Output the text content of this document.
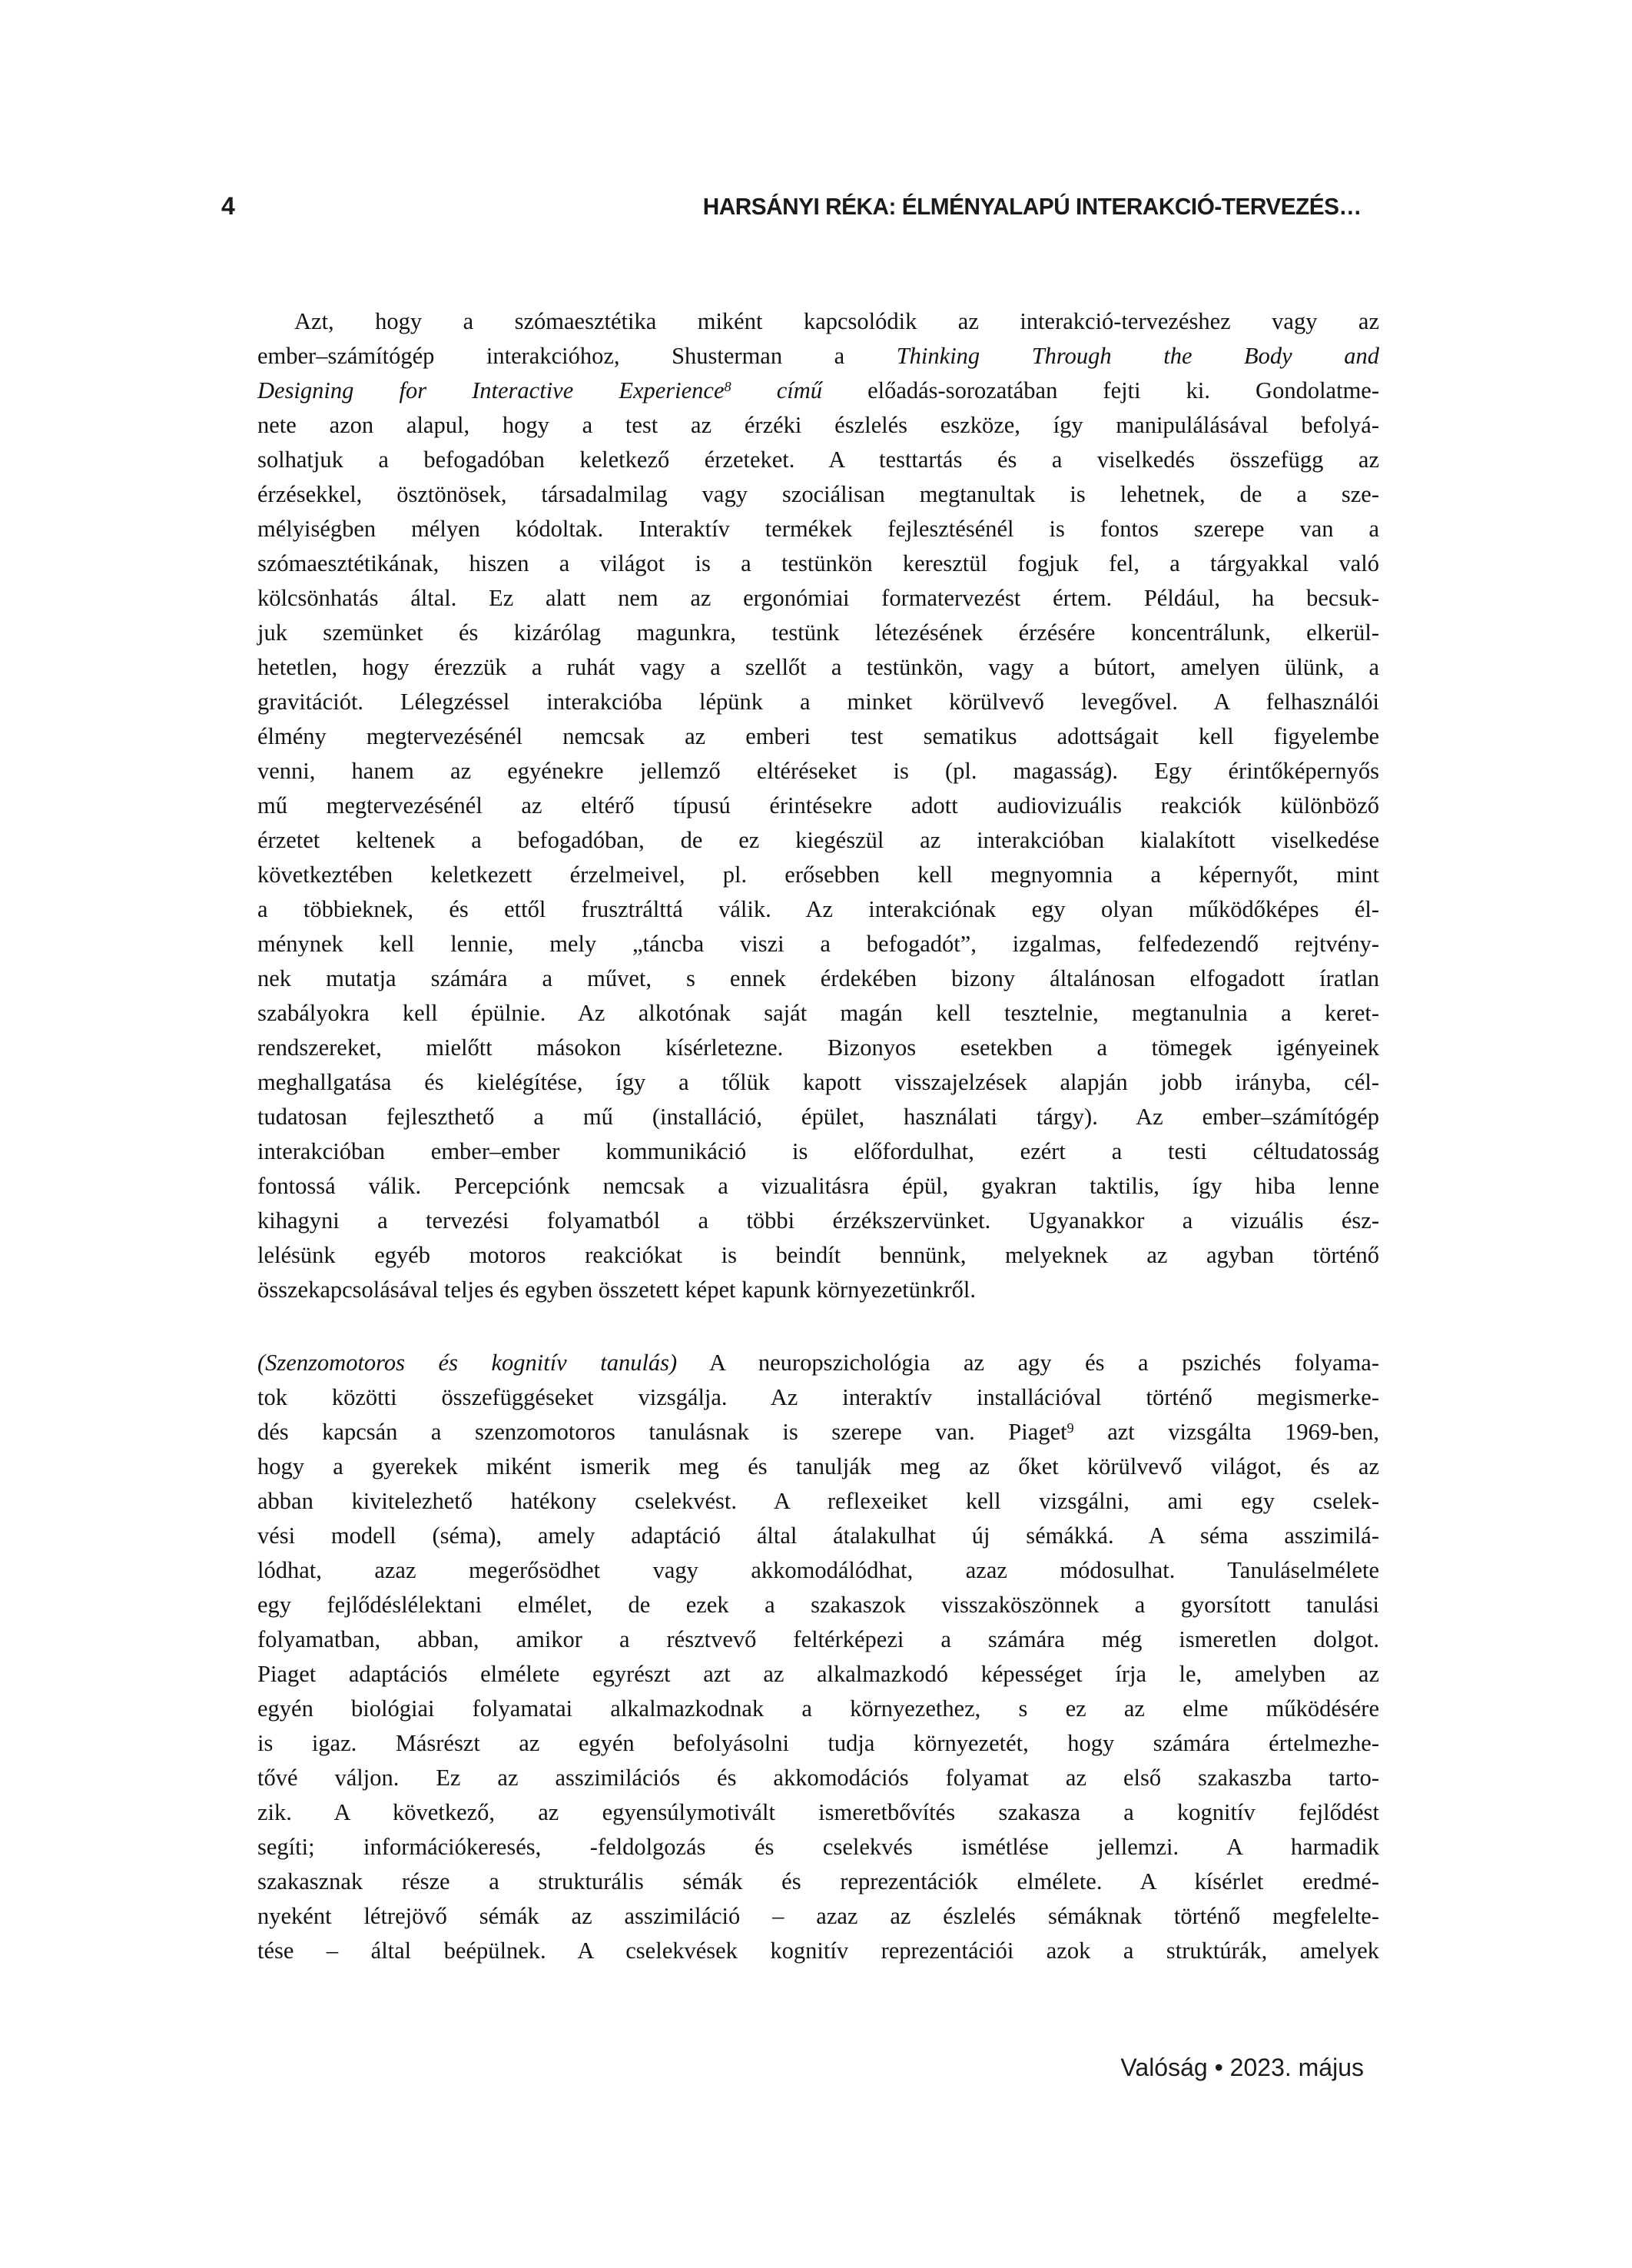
4	HARSÁNYI RÉKA: ÉLMÉNYALAPÚ INTERAKCIÓ-TERVEZÉS…
Azt, hogy a szómaesztétika miként kapcsolódik az interakció-tervezéshez vagy az
ember–számítógép interakcióhoz, Shusterman a Thinking Through the Body and
Designing for Interactive Experience$^8$ című előadás-sorozatában fejti ki. Gondolatme-
nete azon alapul, hogy a test az érzéki észlelés eszköze, így manipulálásával befolyá-
solhatjuk a befogadóban keletkező érzeteket. A testtartás és a viselkedés összefügg az
érzésekkel, ösztönösek, társadalmilag vagy szociálisan megtanultak is lehetnek, de a sze-
mélyiségben mélyen kódoltak. Interaktív termékek fejlesztésénél is fontos szerepe van a
szómaesztétikának, hiszen a világot is a testünkön keresztül fogjuk fel, a tárgyakkal való
kölcsönhatás által. Ez alatt nem az ergonómiai formatervezést értem. Például, ha becsuk-
juk szemünket és kizárólag magunkra, testünk létezésének érzésére koncentrálunk, elkerül-
hetetlen, hogy érezzük a ruhát vagy a szellőt a testünkön, vagy a bútort, amelyen ülünk, a
gravitációt. Lélegzéssel interakcióba lépünk a minket körülvevő levegővel. A felhasználói
élmény megtervezésénél nemcsak az emberi test sematikus adottságait kell figyelembe
venni, hanem az egyénekre jellemző eltéréseket is (pl. magasság). Egy érintőképernyős
mű megtervezésénél az eltérő típusú érintésekre adott audiovizuális reakciók különböző
érzetet keltenek a befogadóban, de ez kiegészül az interakcióban kialakított viselkedése
következtében keletkezett érzelmeivel, pl. erősebben kell megnyomnia a képernyőt, mint
a többieknek, és ettől frusztrálttá válik. Az interakciónak egy olyan működőképes él-
ménynek kell lennie, mely „táncba viszi a befogadót”, izgalmas, felfedezendő rejtvény-
nek mutatja számára a művet, s ennek érdekében bizony általánosan elfogadott íratlan
szabályokra kell épülnie. Az alkotónak saját magán kell tesztelnie, megtanulnia a keret-
rendszereket, mielőtt másokon kísérletezne. Bizonyos esetekben a tömegek igényeinek
meghallgatása és kielégítése, így a tőlük kapott visszajelzések alapján jobb irányba, cél-
tudatosan fejleszthető a mű (installáció, épület, használati tárgy). Az ember–számítógép
interakcióban ember–ember kommunikáció is előfordulhat, ezért a testi céltudatosság
fontossá válik. Percepciónk nemcsak a vizualitásra épül, gyakran taktilis, így hiba lenne
kihagyni a tervezési folyamatból a többi érzékszervünket. Ugyanakkor a vizuális ész-
lelésünk egyéb motoros reakciókat is beindít bennünk, melyeknek az agyban történő
összekapcsolásával teljes és egyben összetett képet kapunk környezetünkről.
(Szenzomotoros és kognitív tanulás) A neuropszichológia az agy és a pszichés folyama-
tok közötti összefüggéseket vizsgálja. Az interaktív installációval történő megismerke-
dés kapcsán a szenzomotoros tanulásnak is szerepe van. Piaget$^9$ azt vizsgálta 1969-ben,
hogy a gyerekek miként ismerik meg és tanulják meg az őket körülvevő világot, és az
abban kivitelezhető hatékony cselekvést. A reflexeiket kell vizsgálni, ami egy cselek-
vési modell (séma), amely adaptáció által átalakulhat új sémákká. A séma asszimilá-
lódhat, azaz megerősödhet vagy akkomodálódhat, azaz módosulhat. Tanuláselmélete
egy fejlődéslélektani elmélet, de ezek a szakaszok visszaköszönnek a gyorsított tanulási
folyamatban, abban, amikor a résztvevő feltérképezi a számára még ismeretlen dolgot.
Piaget adaptációs elmélete egyrészt azt az alkalmazkodó képességet írja le, amelyben az
egyén biológiai folyamatai alkalmazkodnak a környezethez, s ez az elme működésére
is igaz. Másrészt az egyén befolyásolni tudja környezetét, hogy számára értelmezhe-
tővé váljon. Ez az asszimilációs és akkomodációs folyamat az első szakaszba tarto-
zik. A következő, az egyensúlymotivált ismeretbővítés szakasza a kognitív fejlődést
segíti; információkeresés, -feldolgozás és cselekvés ismétlése jellemzi. A harmadik
szakasznak része a strukturális sémák és reprezentációk elmélete. A kísérlet eredmé-
nyeként létrejövő sémák az asszimiláció – azaz az észlelés sémáknak történő megfelelte-
tése – által beépülnek. A cselekvések kognitív reprezentációi azok a struktúrák, amelyek
Valóság • 2023. május
